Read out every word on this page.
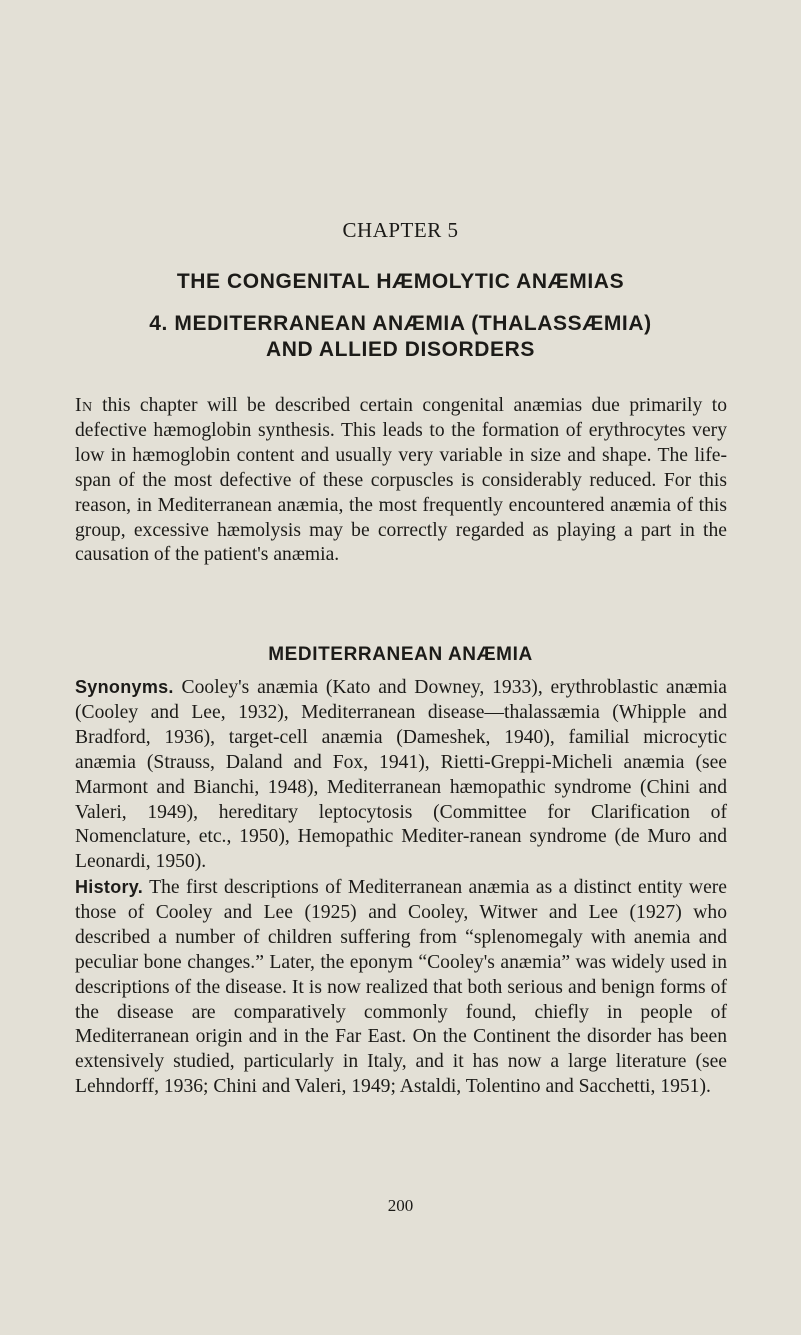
CHAPTER 5
THE CONGENITAL HÆMOLYTIC ANÆMIAS
4. MEDITERRANEAN ANÆMIA (THALASSÆMIA)
AND ALLIED DISORDERS

In this chapter will be described certain congenital anæmias due primarily to defective hæmoglobin synthesis. This leads to the formation of erythrocytes very low in hæmoglobin content and usually very variable in size and shape. The life-span of the most defective of these corpuscles is considerably reduced. For this reason, in Mediterranean anæmia, the most frequently encountered anæmia of this group, excessive hæmolysis may be correctly regarded as playing a part in the causation of the patient's anæmia.

MEDITERRANEAN ANÆMIA

Synonyms. Cooley's anæmia (Kato and Downey, 1933), erythroblastic anæmia (Cooley and Lee, 1932), Mediterranean disease—thalassæmia (Whipple and Bradford, 1936), target-cell anæmia (Dameshek, 1940), familial microcytic anæmia (Strauss, Daland and Fox, 1941), Rietti-Greppi-Micheli anæmia (see Marmont and Bianchi, 1948), Mediterranean hæmopathic syndrome (Chini and Valeri, 1949), hereditary leptocytosis (Committee for Clarification of Nomenclature, etc., 1950), Hemopathic Mediter-ranean syndrome (de Muro and Leonardi, 1950).

History. The first descriptions of Mediterranean anæmia as a distinct entity were those of Cooley and Lee (1925) and Cooley, Witwer and Lee (1927) who described a number of children suffering from “splenomegaly with anemia and peculiar bone changes.” Later, the eponym “Cooley's anæmia” was widely used in descriptions of the disease. It is now realized that both serious and benign forms of the disease are comparatively commonly found, chiefly in people of Mediterranean origin and in the Far East. On the Continent the disorder has been extensively studied, particularly in Italy, and it has now a large literature (see Lehndorff, 1936; Chini and Valeri, 1949; Astaldi, Tolentino and Sacchetti, 1951).

200
